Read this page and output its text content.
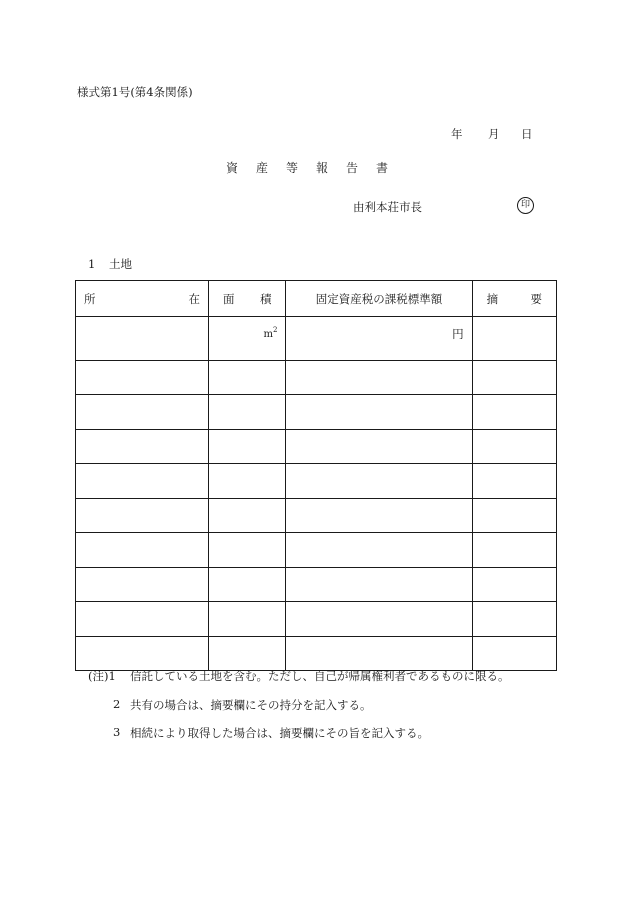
様式第1号(第4条関係)
年 月 日
資産等報告書
由利本荘市長	印
1 土地
所 在	面 積	固定資産税の課税標準額	摘 要

	$m^2$	円	

(注)1 信託している土地を含む。ただし、自己が帰属権利者であるものに限る。
2 共有の場合は、摘要欄にその持分を記入する。
3 相続により取得した場合は、摘要欄にその旨を記入する。
